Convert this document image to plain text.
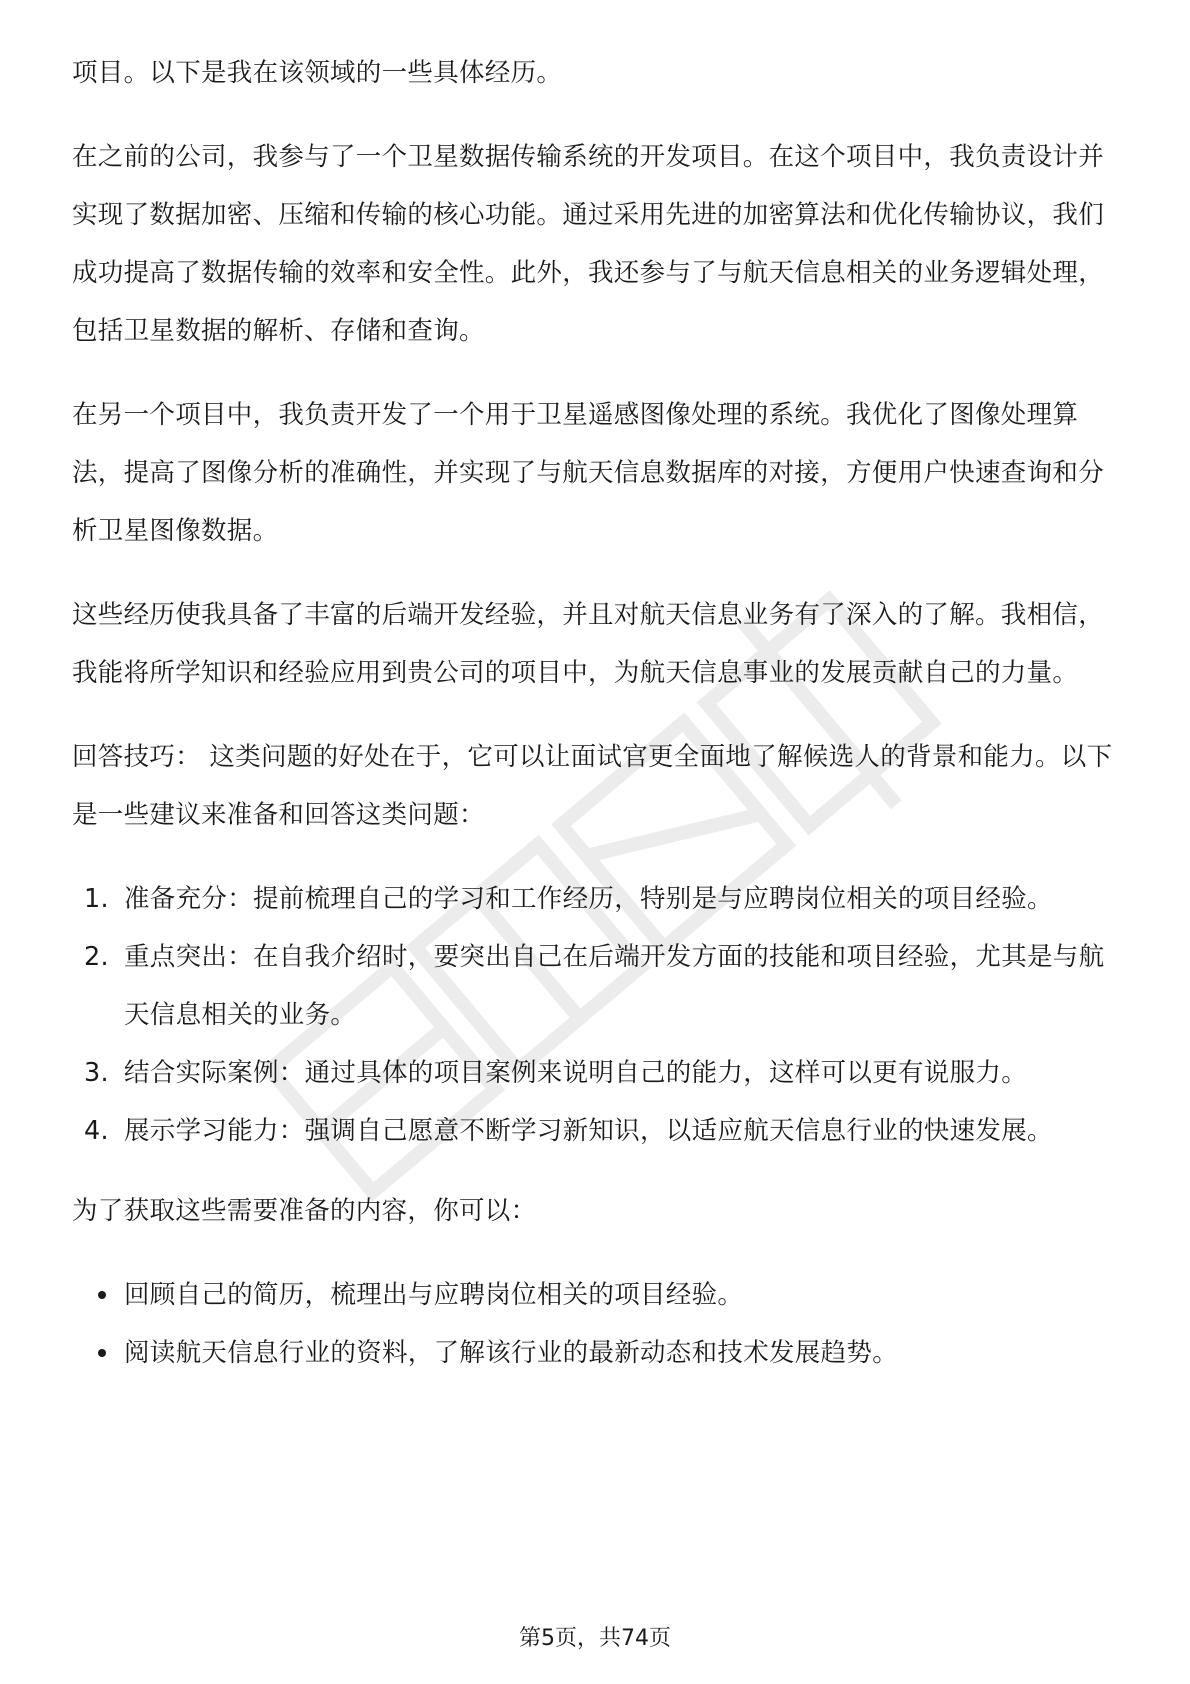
项目。以下是我在该领域的一些具体经历。

在之前的公司，我参与了一个卫星数据传输系统的开发项目。在这个项目中，我负责设计并实现了数据加密、压缩和传输的核心功能。通过采用先进的加密算法和优化传输协议，我们成功提高了数据传输的效率和安全性。此外，我还参与了与航天信息相关的业务逻辑处理，包括卫星数据的解析、存储和查询。

在另一个项目中，我负责开发了一个用于卫星遥感图像处理的系统。我优化了图像处理算法，提高了图像分析的准确性，并实现了与航天信息数据库的对接，方便用户快速查询和分析卫星图像数据。

这些经历使我具备了丰富的后端开发经验，并且对航天信息业务有了深入的了解。我相信，我能将所学知识和经验应用到贵公司的项目中，为航天信息事业的发展贡献自己的力量。

回答技巧： 这类问题的好处在于，它可以让面试官更全面地了解候选人的背景和能力。以下是一些建议来准备和回答这类问题：

1. 准备充分：提前梳理自己的学习和工作经历，特别是与应聘岗位相关的项目经验。
2. 重点突出：在自我介绍时，要突出自己在后端开发方面的技能和项目经验，尤其是与航天信息相关的业务。
3. 结合实际案例：通过具体的项目案例来说明自己的能力，这样可以更有说服力。
4. 展示学习能力：强调自己愿意不断学习新知识，以适应航天信息行业的快速发展。

为了获取这些需要准备的内容，你可以：

回顾自己的简历，梳理出与应聘岗位相关的项目经验。
阅读航天信息行业的资料，了解该行业的最新动态和技术发展趋势。
第5页，共74页
